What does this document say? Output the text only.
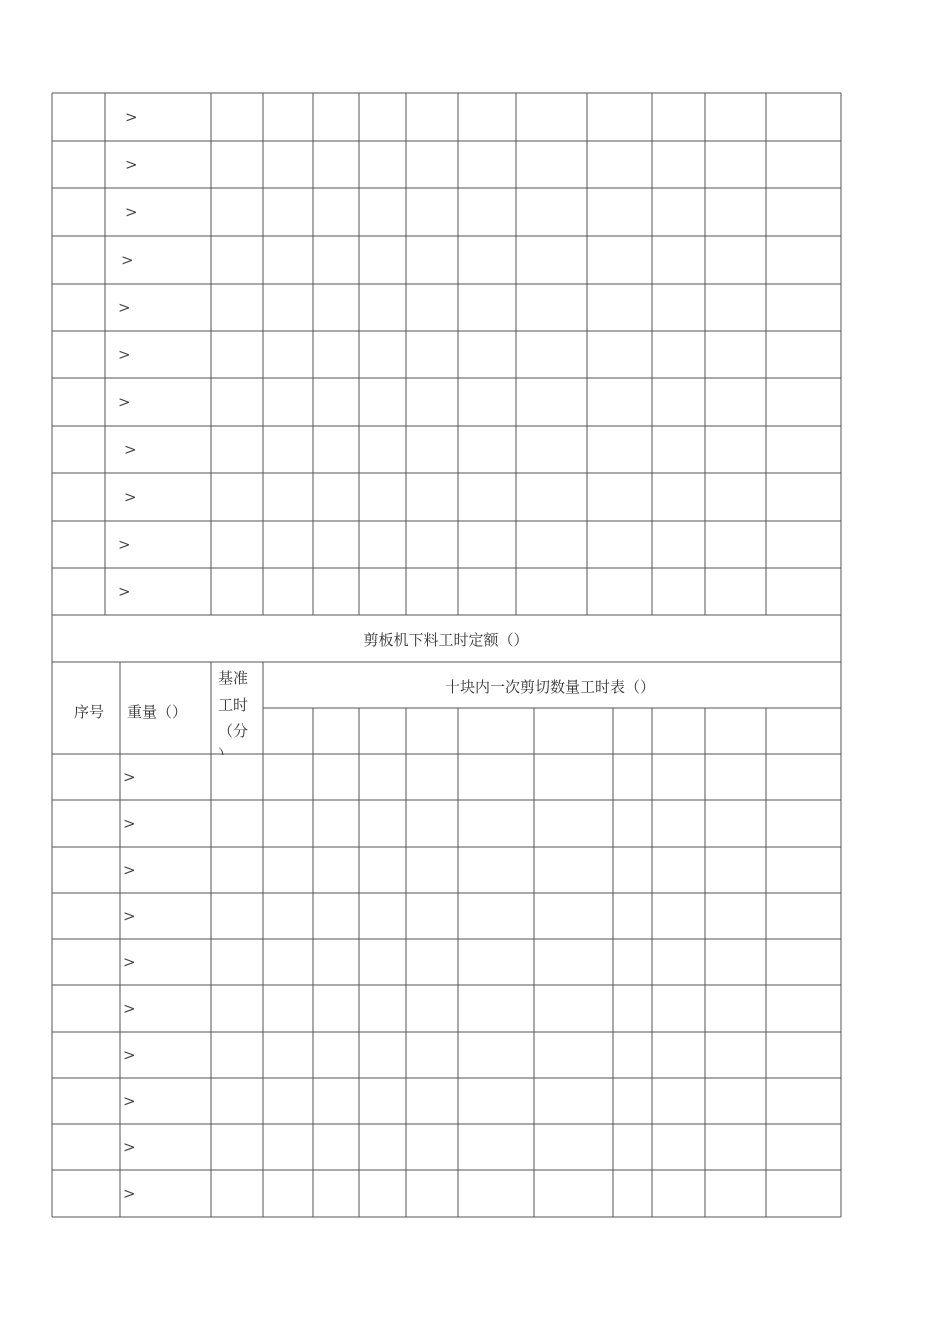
>
>
>
>
>
>
>
>
>
>
>
剪板机下料工时定额（）
序号 重量（）
基准
工时
（分
十块内一次剪切数量工时表（）
>
>
>
>
>
>
>
>
>
>
